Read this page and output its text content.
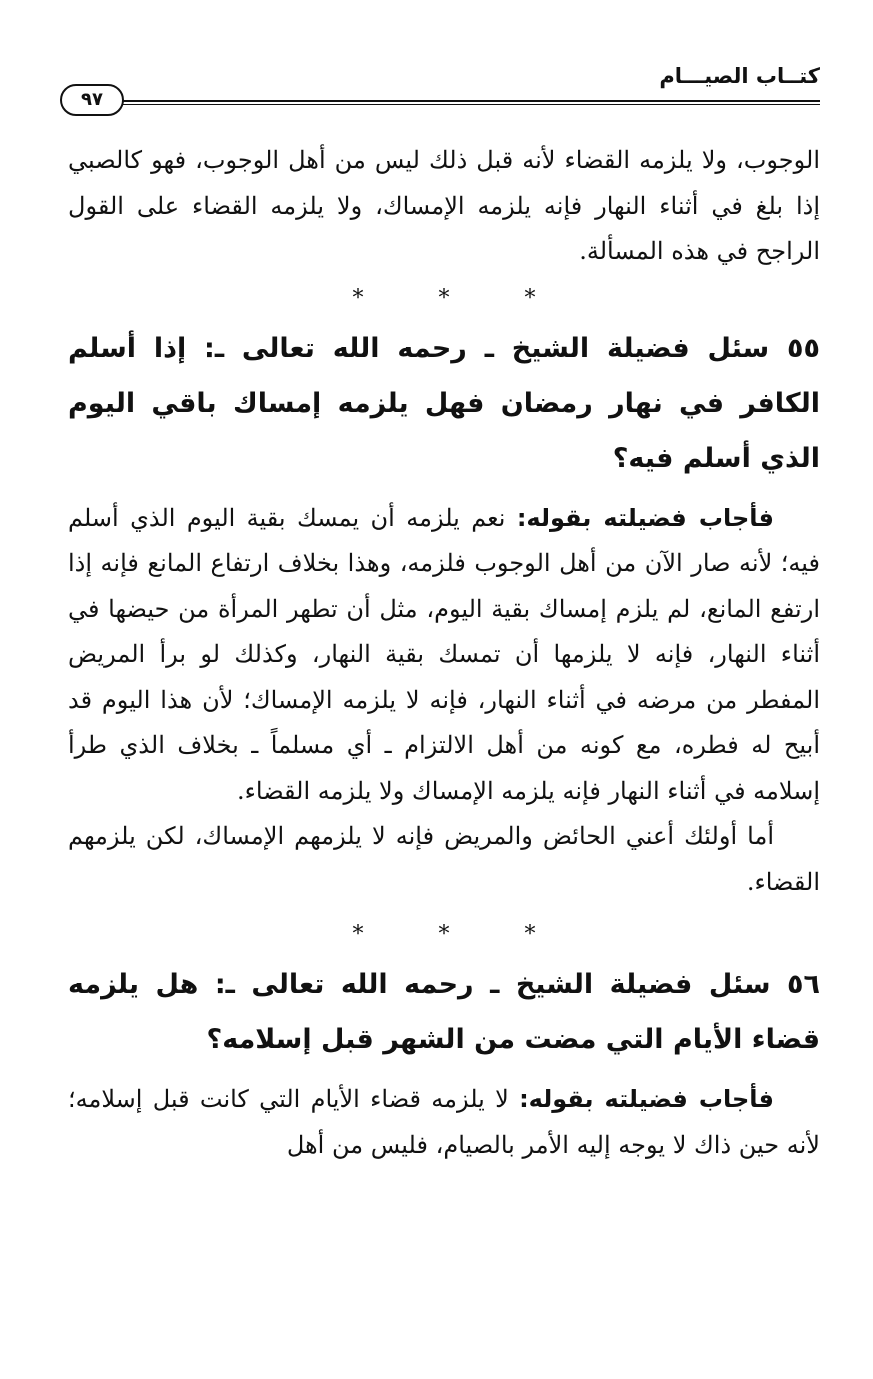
كتــاب الصيـــام
٩٧

الوجوب، ولا يلزمه القضاء لأنه قبل ذلك ليس من أهل الوجوب، فهو كالصبي إذا بلغ في أثناء النهار فإنه يلزمه الإمساك، ولا يلزمه القضاء على القول الراجح في هذه المسألة.

* * *

٥٥ سئل فضيلة الشيخ ـ رحمه الله تعالى ـ: إذا أسلم الكافر في نهار رمضان فهل يلزمه إمساك باقي اليوم الذي أسلم فيه؟

فأجاب فضيلته بقوله: نعم يلزمه أن يمسك بقية اليوم الذي أسلم فيه؛ لأنه صار الآن من أهل الوجوب فلزمه، وهذا بخلاف ارتفاع المانع فإنه إذا ارتفع المانع، لم يلزم إمساك بقية اليوم، مثل أن تطهر المرأة من حيضها في أثناء النهار، فإنه لا يلزمها أن تمسك بقية النهار، وكذلك لو برأ المريض المفطر من مرضه في أثناء النهار، فإنه لا يلزمه الإمساك؛ لأن هذا اليوم قد أبيح له فطره، مع كونه من أهل الالتزام ـ أي مسلماً ـ بخلاف الذي طرأ إسلامه في أثناء النهار فإنه يلزمه الإمساك ولا يلزمه القضاء.

أما أولئك أعني الحائض والمريض فإنه لا يلزمهم الإمساك، لكن يلزمهم القضاء.

* * *

٥٦ سئل فضيلة الشيخ ـ رحمه الله تعالى ـ: هل يلزمه قضاء الأيام التي مضت من الشهر قبل إسلامه؟

فأجاب فضيلته بقوله: لا يلزمه قضاء الأيام التي كانت قبل إسلامه؛ لأنه حين ذاك لا يوجه إليه الأمر بالصيام، فليس من أهل
